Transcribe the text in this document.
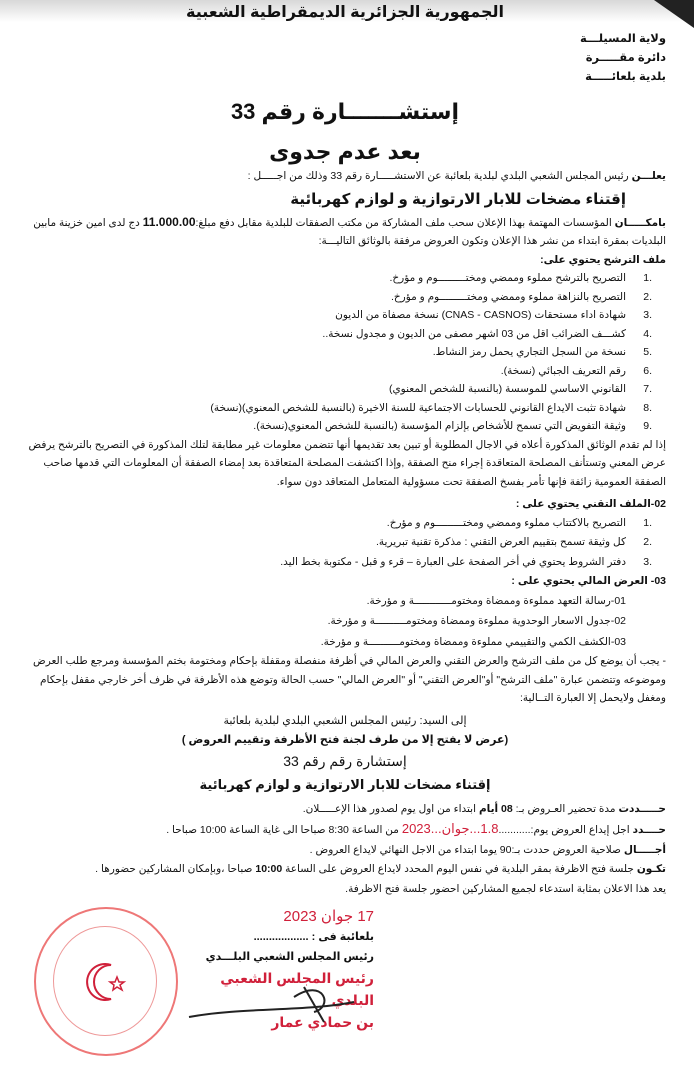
الجمهورية الجزائرية الديمقراطية الشعبية
ولاية المسيلـــة
دائرة مقـــــرة
بلدية بلعائـــــة
إستشـــــــارة رقم 33
بعد عدم جدوى
يعلـــن رئيس المجلس الشعبي البلدي لبلدية بلعائبة عن الاستشـــــارة رقم 33 وذلك من اجـــــل :
إقتناء مضخات للابار الارتوازية و لوازم كهربائية
بامكـــــان المؤسسات المهتمة بهذا الإعلان سحب ملف المشاركة من مكتب الصفقات للبلدية مقابل دفع مبلغ:11.000.00 دج لدى امين خزينة مابين البلديات بمقرة ابتداء من نشر هذا الإعلان وتكون العروض مرفقة بالوثائق التاليـــة:
ملف الترشح يحتوي على:
1.
التصريح بالترشح مملوء وممضي ومختـــــــــوم و مؤرخ.
2.
التصريح بالنزاهة مملوء وممضي ومختـــــــــوم و مؤرخ.
3.
شهادة اداء مستحقات (CNAS - CASNOS) نسخة مصفاة من الديون
4.
كشـــف الضرائب اقل من 03 اشهر مصفى من الديون و مجدول نسخة..
5.
نسخة من السجل التجاري يحمل رمز النشاط.
6.
رقم التعريف الجبائي (نسخة).
7.
القانوني الاساسي للموسسة (بالنسبة للشخص المعنوي)
8.
شهادة تثبت الايداع القانوني للحسابات الاجتماعية للسنة الاخيرة (بالنسبة للشخص المعنوي)(نسخة)
9.
وثيقة التفويض التي تسمح للأشخاص بإلزام المؤسسة (بالنسبة للشخص المعنوي(نسخة).
إذا لم تقدم الوثائق المذكورة أعلاه في الاجال المطلوبة أو تبين بعد تقديمها أنها تتضمن معلومات غير مطابقة لتلك المذكورة في التصريح بالترشح يرفض عرض المعني وتستأنف المصلحة المتعاقدة إجراء منح الصفقة ,وإذا اكتشفت المصلحة المتعاقدة بعد إمضاء الصفقة أن المعلومات التي قدمها صاحب الصفقة العمومية زائفة فإنها تأمر بفسخ الصفقة تحت مسؤولية المتعامل المتعاقد دون سواء.
02-الملف التقني يحتوي على :
1.
التصريح بالاكتتاب مملوء وممضي ومختـــــــــوم و مؤرخ.
2.
كل وثيقة تسمح بتقييم العرض التقني : مذكرة تقنية تبريرية.
3.
دفتر الشروط يحتوي في أخر الصفحة على العبارة – قرء و قبل - مكتوبة بخط اليد.
03- العرض المالي يحتوي على :
01-رسالة التعهد مملوءة وممضاة ومختومــــــــــــة و مؤرخة.
02-جدول الاسعار الوحدوية مملوءة وممضاة ومختومــــــــــة و مؤرخة.
03-الكشف الكمي والتقييمي مملوءة وممضاة ومختومــــــــــة و مؤرخة.
- يجب أن يوضع كل من ملف الترشح والعرض التقني والعرض المالي في أظرفة منفصلة ومقفلة بإحكام ومختومة بختم المؤسسة ومرجع طلب العرض وموضوعه وتتضمن عبارة "ملف الترشح" أو"العرض التقني" أو "العرض المالي" حسب الحالة وتوضع هذه الأظرفة في ظرف أخر خارجي مقفل بإحكام ومغفل ولايحمل إلا العبارة التــالية:
إلى السيد: رئيس المجلس الشعبي البلدي لبلدية بلعائبة
(عرض لا يفتح إلا من طرف لجنة فتح الأظرفة وتقييم العروض )
إستشارة رقم رقم 33
إقتناء مضخات للابار الارتوازية و لوازم كهربائية
حـــــددت مدة تحضير العـروض بـ: 08 أيام ابتداء من اول يوم لصدور هذا الإعـــــلان.
حــــدد اجل إيداع العروض يوم:...........1.8...جوان...2023 من الساعة 8:30 صباحا الى غاية الساعة 10:00 صباحا .
أجـــــال صلاحية العروض حددت بـ:90 يوما ابتداء من الاجل النهائي لايداع العروض .
تكـون جلسة فتح الاظرفة بمقر البلدية في نفس اليوم المحدد لايداع العروض على الساعة 10:00 صباحا ،وبإمكان المشاركين حضورها .
يعد هذا الاعلان بمثابة استدعاء لجميع المشاركين احضور جلسة فتح الاظرفة.
17 جوان 2023
بلعائبة فى : ..................
رئيس المجلس الشعبي البلـــدي
رئيس المجلس الشعبي البلدي
بن حمادي عمار
